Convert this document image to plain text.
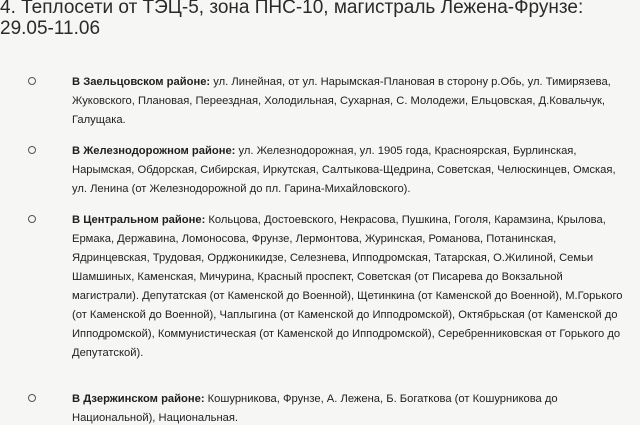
4. Теплосети от ТЭЦ-5, зона ПНС-10, магистраль Лежена-Фрунзе: 29.05-11.06
В Заельцовском районе: ул. Линейная, от ул. Нарымская-Плановая в сторону р.Обь, ул. Тимирязева, Жуковского, Плановая, Переездная, Холодильная, Сухарная, С. Молодежи, Ельцовская, Д.Ковальчук, Галущака.
В Железнодорожном районе: ул. Железнодорожная, ул. 1905 года, Красноярская, Бурлинская, Нарымская, Обдорская, Сибирская, Иркутская, Салтыкова-Щедрина, Советская, Челюскинцев, Омская, ул. Ленина (от Железнодорожной до пл. Гарина-Михайловского).
В Центральном районе: Кольцова, Достоевского, Некрасова, Пушкина, Гоголя, Карамзина, Крылова, Ермака, Державина, Ломоносова, Фрунзе, Лермонтова, Журинская, Романова, Потанинская, Ядринцевская, Трудовая, Орджоникидзе, Селезнева, Ипподромская, Татарская, О.Жилиной, Семьи Шамшиных, Каменская, Мичурина, Красный проспект, Советская (от Писарева до Вокзальной магистрали). Депутатская (от Каменской до Военной), Щетинкина (от Каменской до Военной), М.Горького (от Каменской до Военной), Чаплыгина (от Каменской до Ипподромской), Октябрьская (от Каменской до Ипподромской), Коммунистическая (от Каменской до Ипподромской), Серебренниковская от Горького до Депутатской).
В Дзержинском районе: Кошурникова, Фрунзе, А. Лежена, Б. Богаткова (от Кошурникова до Национальной), Национальная.
